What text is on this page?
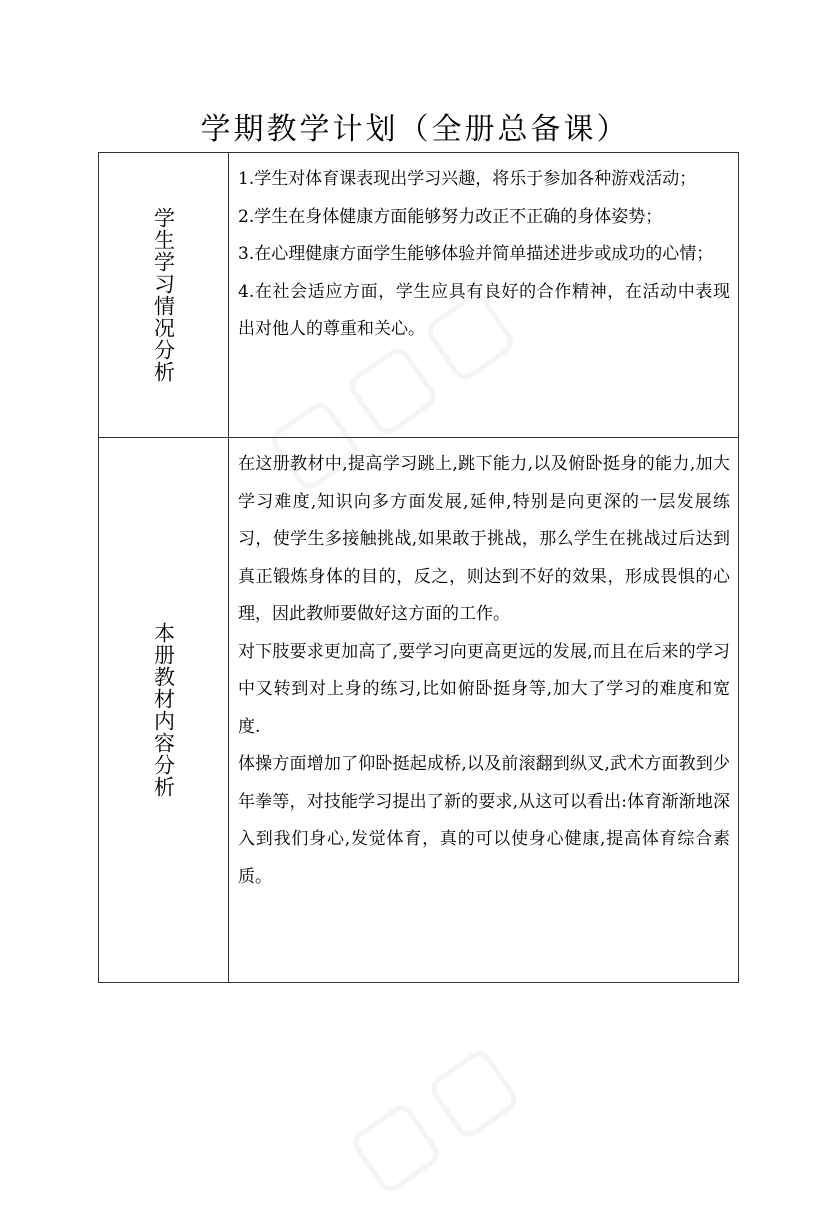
学期教学计划（全册总备课）
学生学习情况分析

1.学生对体育课表现出学习兴趣，将乐于参加各种游戏活动；

2.学生在身体健康方面能够努力改正不正确的身体姿势；

3.在心理健康方面学生能够体验并简单描述进步或成功的心情；

4.在社会适应方面，学生应具有良好的合作精神，在活动中表现出对他人的尊重和关心。

本册教材内容分析

在这册教材中,提高学习跳上,跳下能力,以及俯卧挺身的能力,加大学习难度,知识向多方面发展,延伸,特别是向更深的一层发展练习，使学生多接触挑战,如果敢于挑战，那么学生在挑战过后达到真正锻炼身体的目的，反之，则达到不好的效果，形成畏惧的心理，因此教师要做好这方面的工作。

对下肢要求更加高了,要学习向更高更远的发展,而且在后来的学习中又转到对上身的练习,比如俯卧挺身等,加大了学习的难度和宽度.

体操方面增加了仰卧挺起成桥,以及前滚翻到纵叉,武术方面教到少年拳等，对技能学习提出了新的要求,从这可以看出:体育渐渐地深入到我们身心,发觉体育，真的可以使身心健康,提高体育综合素质。
